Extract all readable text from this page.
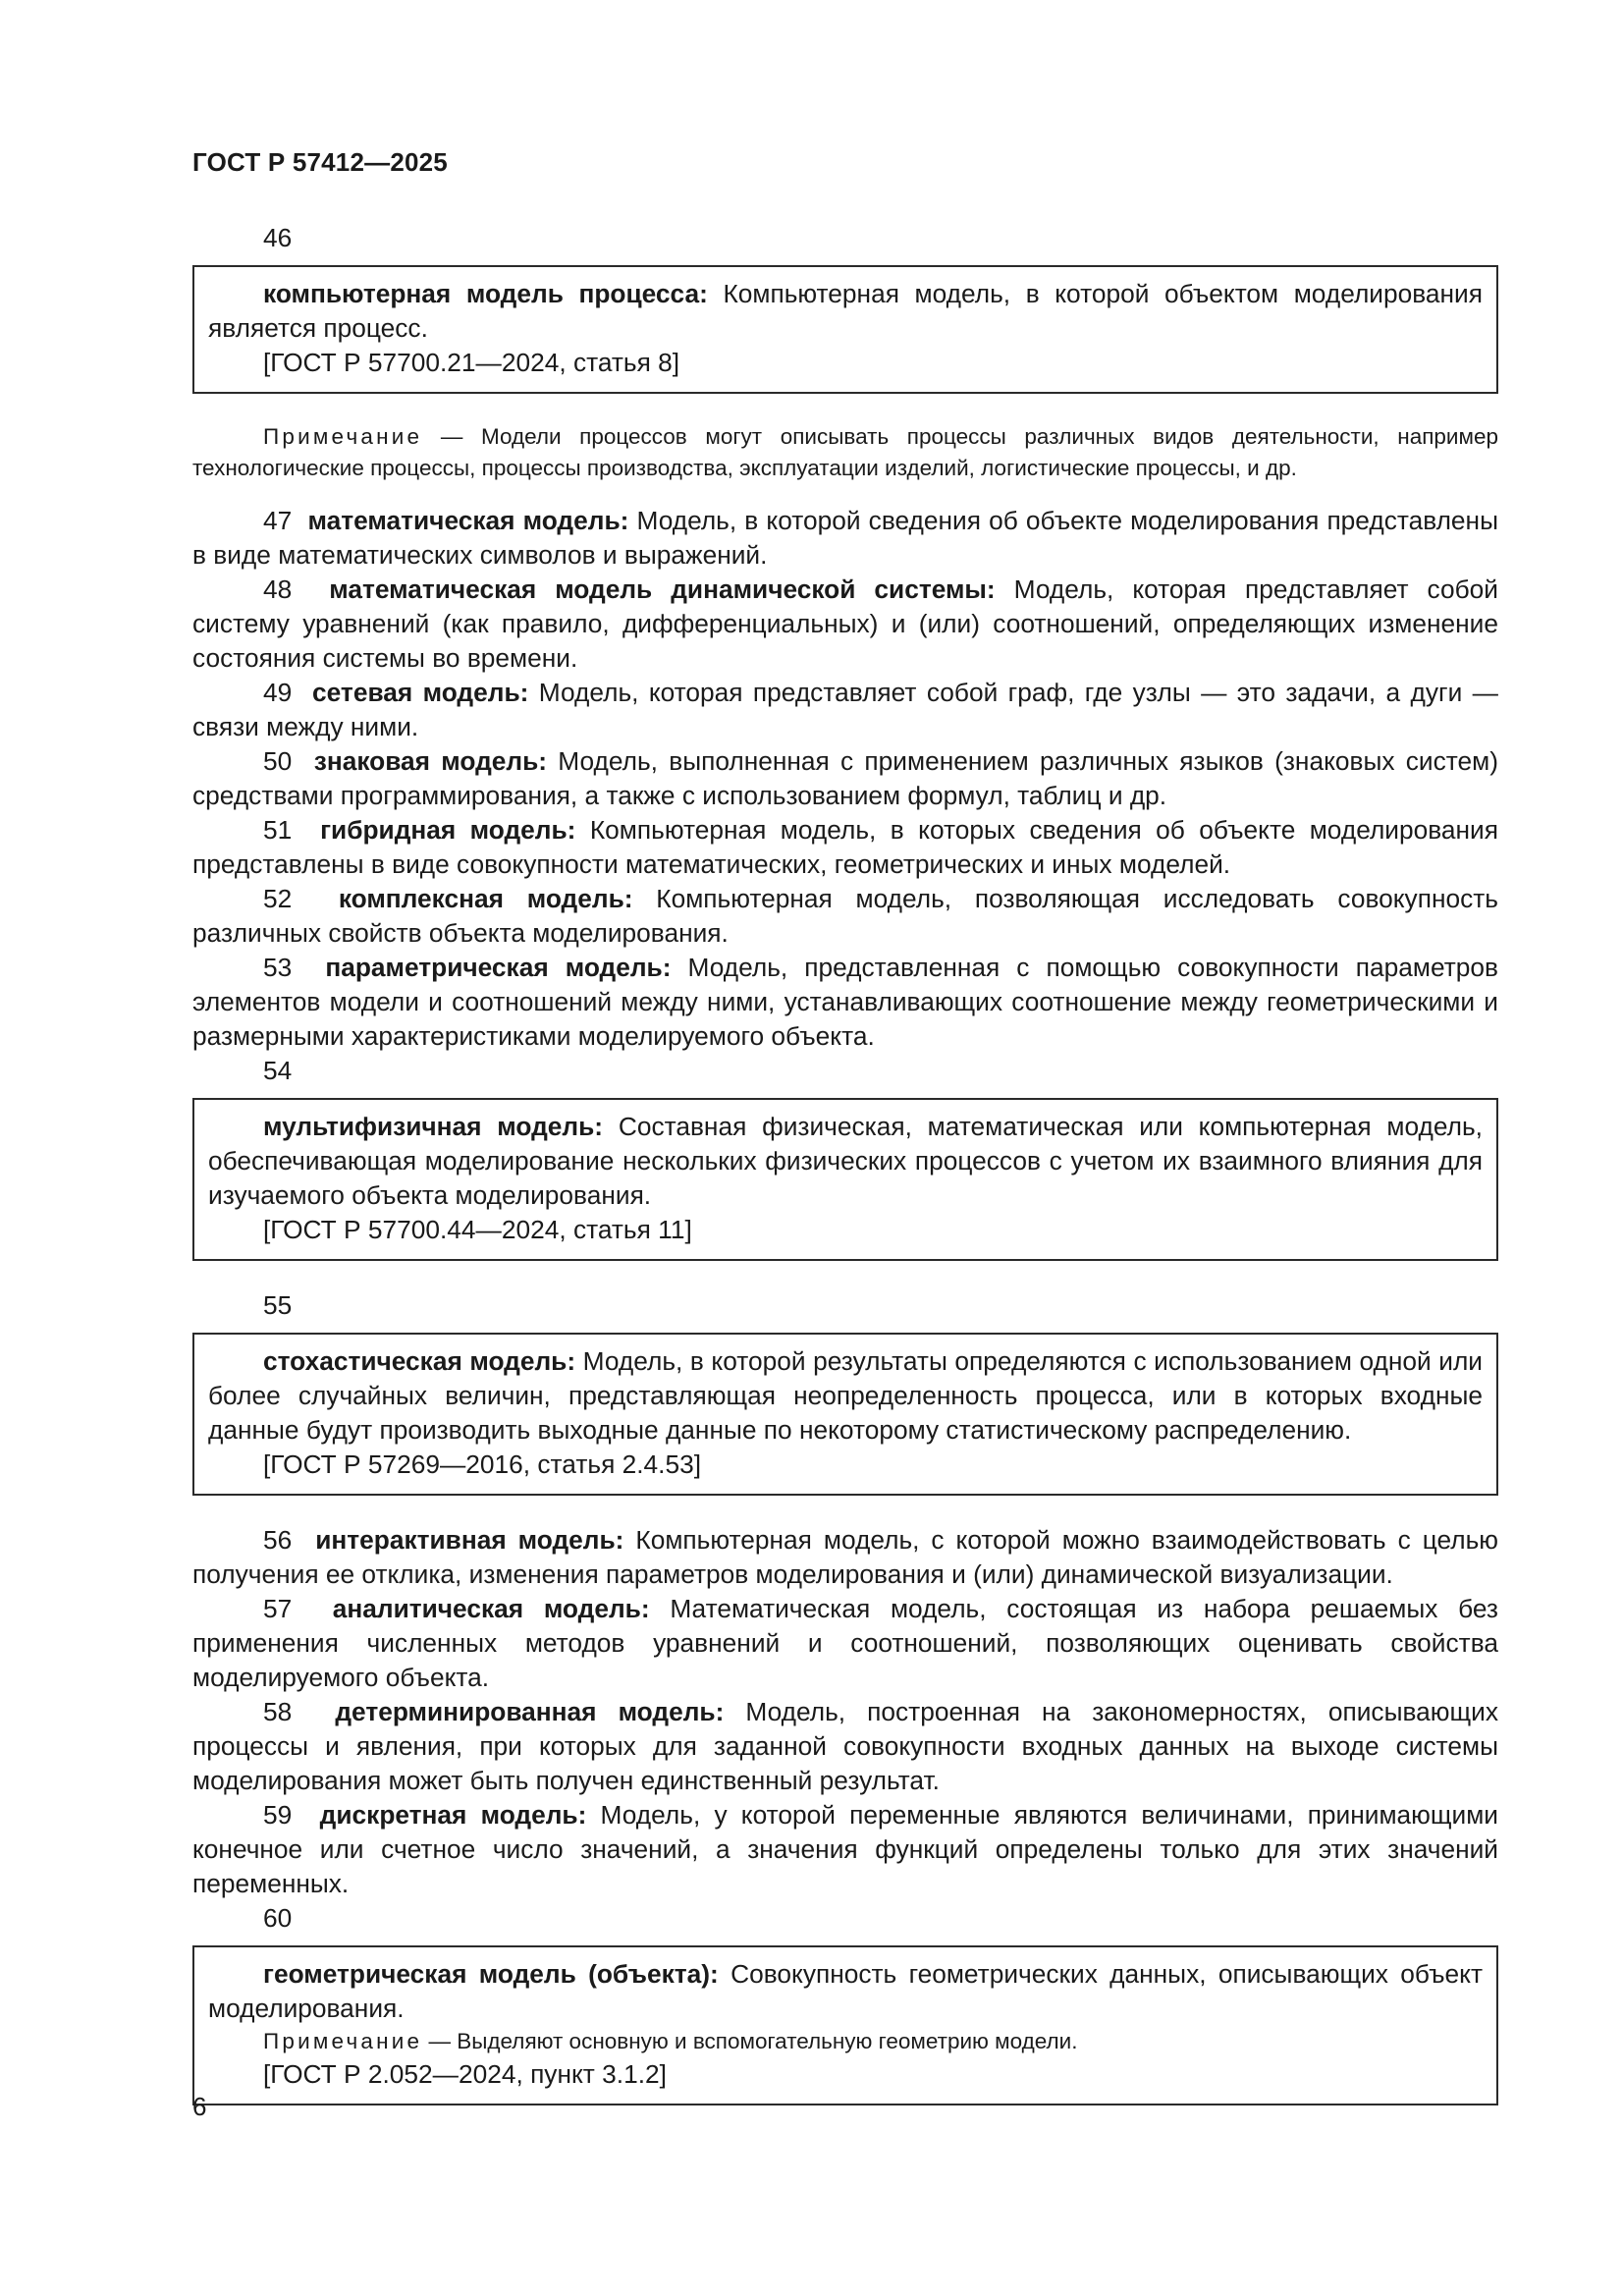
ГОСТ Р 57412—2025
46

компьютерная модель процесса: Компьютерная модель, в которой объектом моделирования является процесс.

[ГОСТ Р 57700.21—2024, статья 8]

Примечание — Модели процессов могут описывать процессы различных видов деятельности, например технологические процессы, процессы производства, эксплуатации изделий, логистические процессы, и др.

47 математическая модель: Модель, в которой сведения об объекте моделирования представлены в виде математических символов и выражений.

48 математическая модель динамической системы: Модель, которая представляет собой систему уравнений (как правило, дифференциальных) и (или) соотношений, определяющих изменение состояния системы во времени.

49 сетевая модель: Модель, которая представляет собой граф, где узлы — это задачи, а дуги — связи между ними.

50 знаковая модель: Модель, выполненная с применением различных языков (знаковых систем) средствами программирования, а также с использованием формул, таблиц и др.

51 гибридная модель: Компьютерная модель, в которых сведения об объекте моделирования представлены в виде совокупности математических, геометрических и иных моделей.

52 комплексная модель: Компьютерная модель, позволяющая исследовать совокупность различных свойств объекта моделирования.

53 параметрическая модель: Модель, представленная с помощью совокупности параметров элементов модели и соотношений между ними, устанавливающих соотношение между геометрическими и размерными характеристиками моделируемого объекта.

54

мультифизичная модель: Составная физическая, математическая или компьютерная модель, обеспечивающая моделирование нескольких физических процессов с учетом их взаимного влияния для изучаемого объекта моделирования.

[ГОСТ Р 57700.44—2024, статья 11]

55

стохастическая модель: Модель, в которой результаты определяются с использованием одной или более случайных величин, представляющая неопределенность процесса, или в которых входные данные будут производить выходные данные по некоторому статистическому распределению.

[ГОСТ Р 57269—2016, статья 2.4.53]

56 интерактивная модель: Компьютерная модель, с которой можно взаимодействовать с целью получения ее отклика, изменения параметров моделирования и (или) динамической визуализации.

57 аналитическая модель: Математическая модель, состоящая из набора решаемых без применения численных методов уравнений и соотношений, позволяющих оценивать свойства моделируемого объекта.

58 детерминированная модель: Модель, построенная на закономерностях, описывающих процессы и явления, при которых для заданной совокупности входных данных на выходе системы моделирования может быть получен единственный результат.

59 дискретная модель: Модель, у которой переменные являются величинами, принимающими конечное или счетное число значений, а значения функций определены только для этих значений переменных.

60

геометрическая модель (объекта): Совокупность геометрических данных, описывающих объект моделирования.

Примечание — Выделяют основную и вспомогательную геометрию модели.

[ГОСТ Р 2.052—2024, пункт 3.1.2]

6
